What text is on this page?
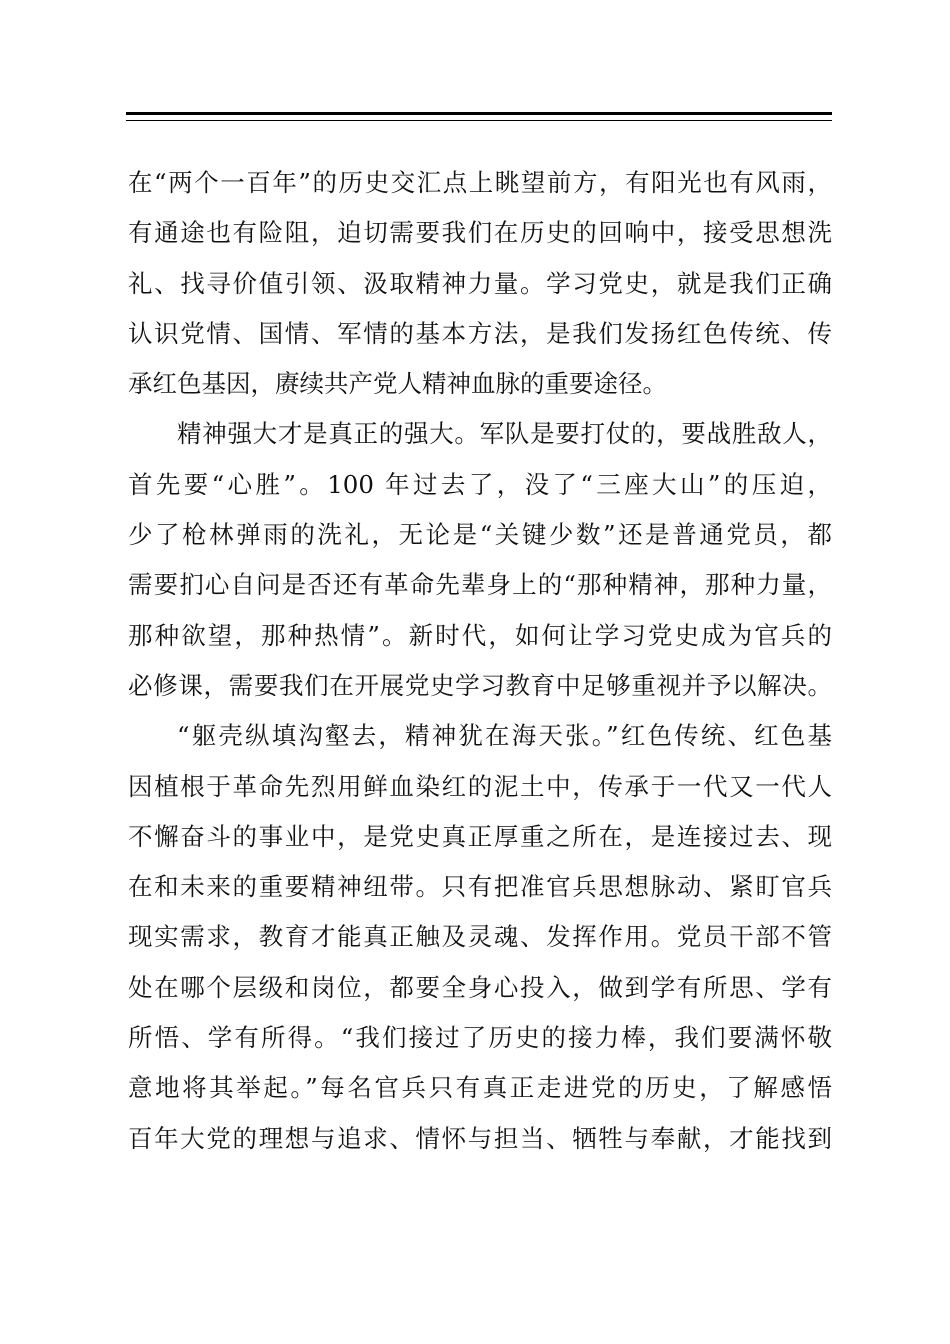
在“两个一百年”的历史交汇点上眺望前方，有阳光也有风雨，
有通途也有险阻，迫切需要我们在历史的回响中，接受思想洗
礼、找寻价值引领、汲取精神力量。学习党史，就是我们正确
认识党情、国情、军情的基本方法，是我们发扬红色传统、传
承红色基因，赓续共产党人精神血脉的重要途径。
精神强大才是真正的强大。军队是要打仗的，要战胜敌人，
首先要“心胜”。100 年过去了，没了“三座大山”的压迫，
少了枪林弹雨的洗礼，无论是“关键少数”还是普通党员，都
需要扪心自问是否还有革命先辈身上的“那种精神，那种力量，
那种欲望，那种热情”。新时代，如何让学习党史成为官兵的
必修课，需要我们在开展党史学习教育中足够重视并予以解决。
“躯壳纵填沟壑去，精神犹在海天张。”红色传统、红色基
因植根于革命先烈用鲜血染红的泥土中，传承于一代又一代人
不懈奋斗的事业中，是党史真正厚重之所在，是连接过去、现
在和未来的重要精神纽带。只有把准官兵思想脉动、紧盯官兵
现实需求，教育才能真正触及灵魂、发挥作用。党员干部不管
处在哪个层级和岗位，都要全身心投入，做到学有所思、学有
所悟、学有所得。“我们接过了历史的接力棒，我们要满怀敬
意地将其举起。”每名官兵只有真正走进党的历史，了解感悟
百年大党的理想与追求、情怀与担当、牺牲与奉献，才能找到
